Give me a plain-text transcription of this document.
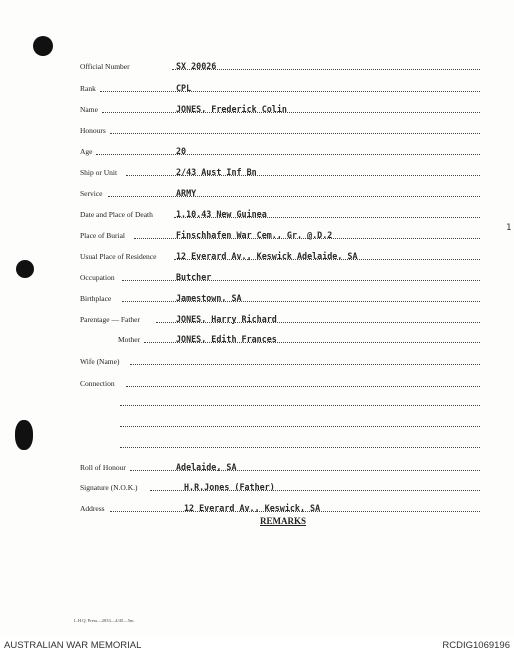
Official Number	SX 20026
Rank	CPL
Name	JONES, Frederick Colin
Honours
Age	20
Ship or Unit	2/43 Aust Inf Bn
Service	ARMY
Date and Place of Death	1.10.43 New Guinea
Place of Burial	Finschhafen War Cem., Gr. @.D.2
Usual Place of Residence 12 Everard Av., Keswick Adelaide, SA
Occupation	Butcher
Birthplace	Jamestown, SA
Parentage — Father	JONES, Harry Richard
Mother	JONES, Edith Frances
Wife (Name)
Connection
Roll of Honour	Adelaide, SA
Signature (N.O.K.)	H.R.Jones (Father)
Address	12 Everard Av., Keswick, SA
REMARKS
1
L.H.Q. Press—2833—4/45—5m.
AUSTRALIAN WAR MEMORIAL	RCDIG1069196
